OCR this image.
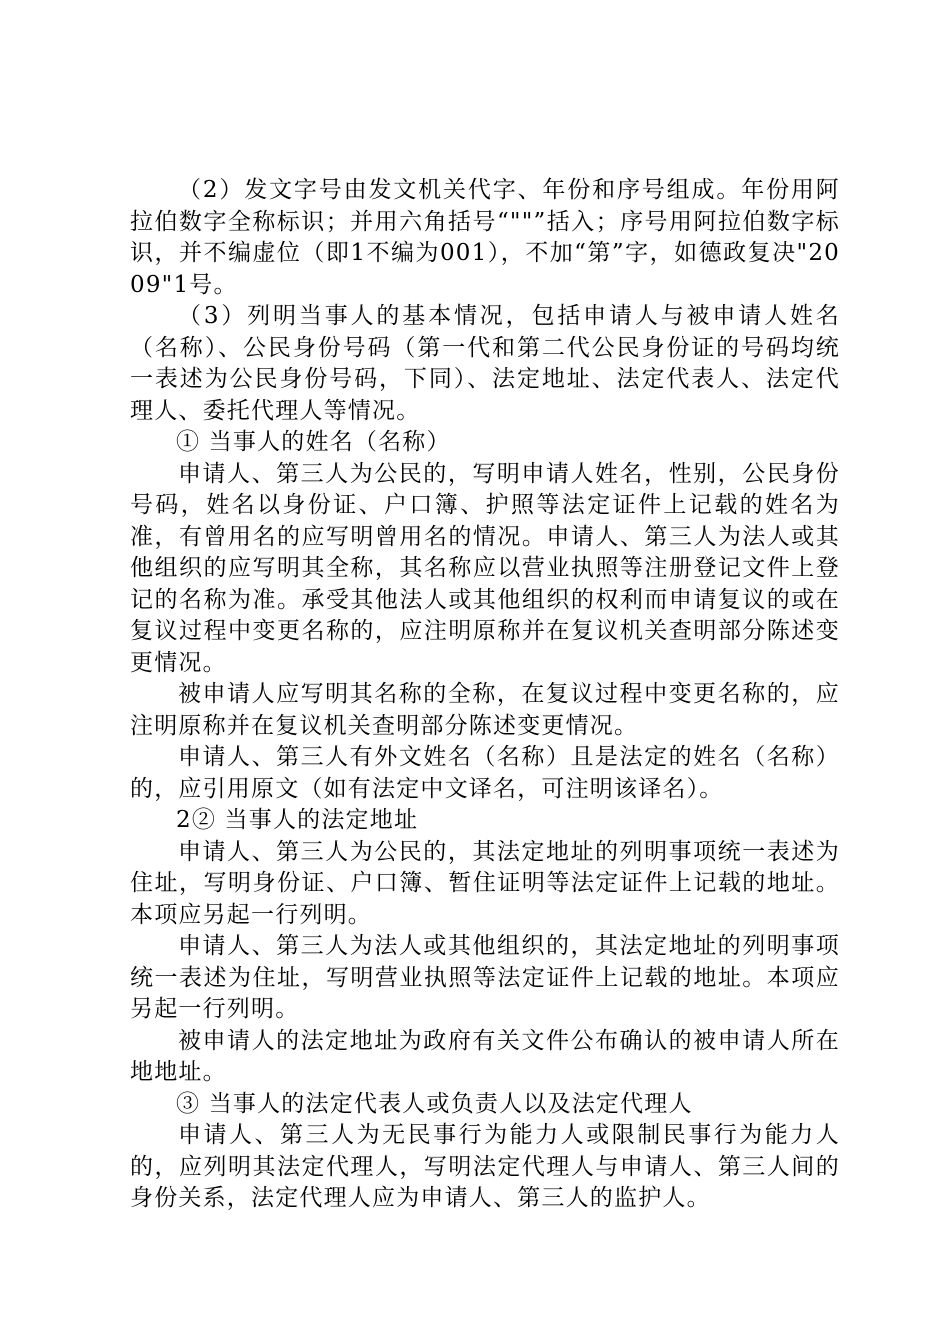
（2）发文字号由发文机关代字、年份和序号组成。年份用阿拉伯数字全称标识；并用六角括号“""”括入；序号用阿拉伯数字标识，并不编虚位（即1不编为001），不加“第”字，如德政复决"2009"1号。

（3）列明当事人的基本情况，包括申请人与被申请人姓名（名称）、公民身份号码（第一代和第二代公民身份证的号码均统一表述为公民身份号码，下同）、法定地址、法定代表人、法定代理人、委托代理人等情况。

① 当事人的姓名（名称）

申请人、第三人为公民的，写明申请人姓名，性别，公民身份号码，姓名以身份证、户口簿、护照等法定证件上记载的姓名为准，有曾用名的应写明曾用名的情况。申请人、第三人为法人或其他组织的应写明其全称，其名称应以营业执照等注册登记文件上登记的名称为准。承受其他法人或其他组织的权利而申请复议的或在复议过程中变更名称的，应注明原称并在复议机关查明部分陈述变更情况。

被申请人应写明其名称的全称，在复议过程中变更名称的，应注明原称并在复议机关查明部分陈述变更情况。

申请人、第三人有外文姓名（名称）且是法定的姓名（名称）的，应引用原文（如有法定中文译名，可注明该译名）。

2② 当事人的法定地址

申请人、第三人为公民的，其法定地址的列明事项统一表述为住址，写明身份证、户口簿、暂住证明等法定证件上记载的地址。本项应另起一行列明。

申请人、第三人为法人或其他组织的，其法定地址的列明事项统一表述为住址，写明营业执照等法定证件上记载的地址。本项应另起一行列明。

被申请人的法定地址为政府有关文件公布确认的被申请人所在地地址。

③ 当事人的法定代表人或负责人以及法定代理人

申请人、第三人为无民事行为能力人或限制民事行为能力人的，应列明其法定代理人，写明法定代理人与申请人、第三人间的身份关系，法定代理人应为申请人、第三人的监护人。
